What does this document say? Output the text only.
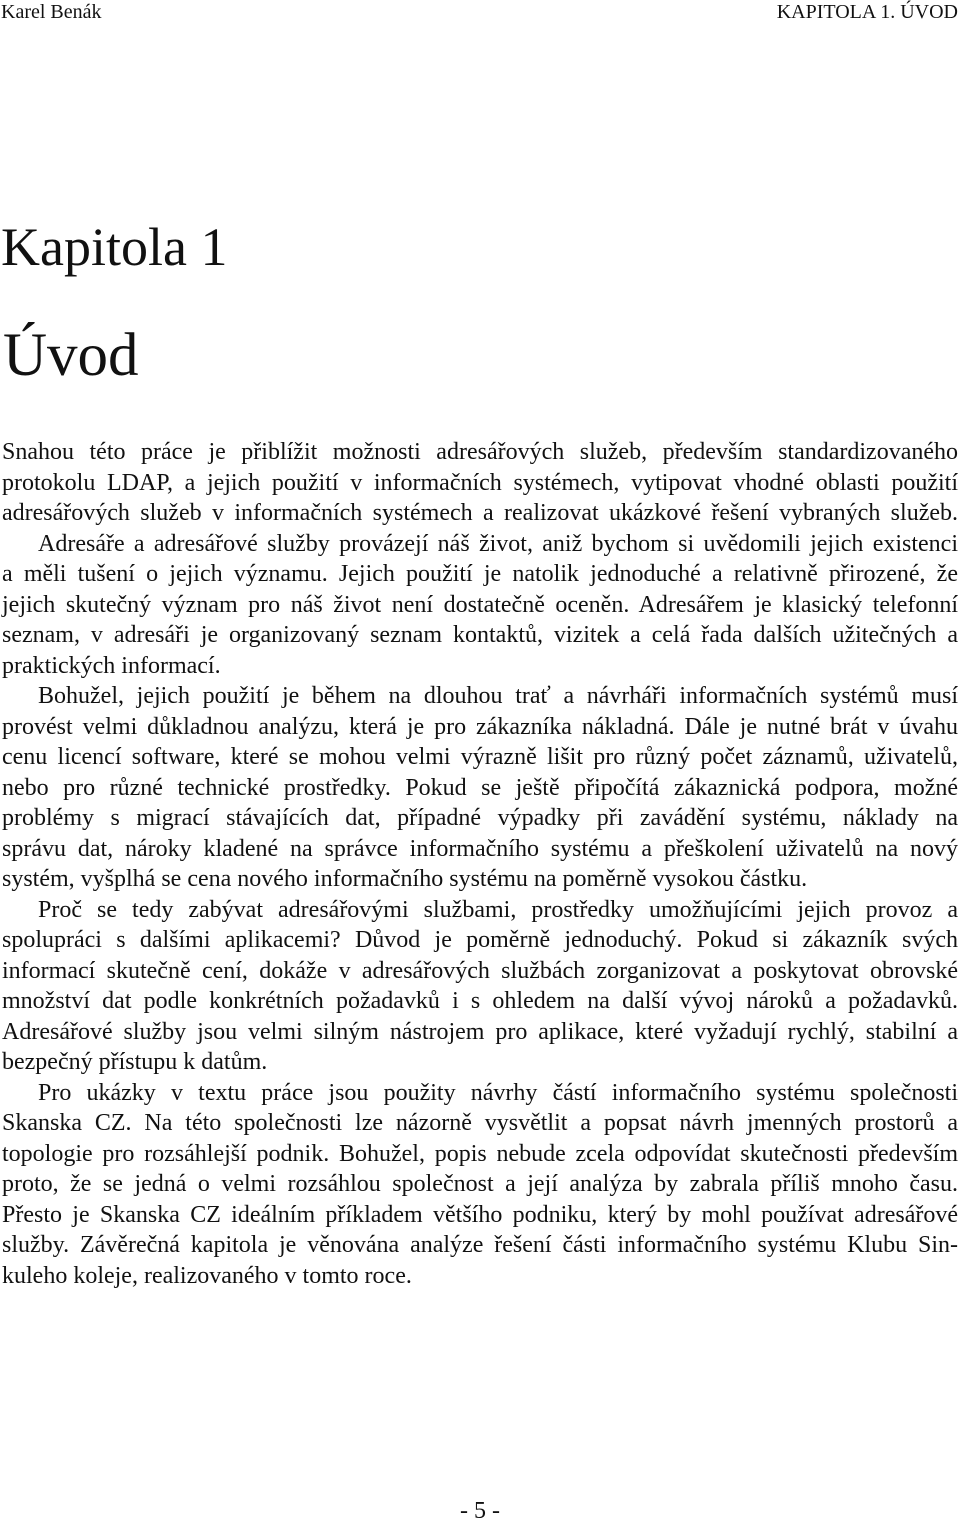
Karel Benák	KAPITOLA 1. ÚVOD
Kapitola 1
Úvod
Snahou této práce je přiblížit možnosti adresářových služeb, především standardizovaného
protokolu LDAP, a jejich použití v informačních systémech, vytipovat vhodné oblasti použití
adresářových služeb v informačních systémech a realizovat ukázkové řešení vybraných služeb.
Adresáře a adresářové služby provázejí náš život, aniž bychom si uvědomili jejich existenci
a měli tušení o jejich významu. Jejich použití je natolik jednoduché a relativně přirozené, že
jejich skutečný význam pro náš život není dostatečně oceněn. Adresářem je klasický telefonní
seznam, v adresáři je organizovaný seznam kontaktů, vizitek a celá řada dalších užitečných a
praktických informací.
Bohužel, jejich použití je během na dlouhou trať a návrháři informačních systémů musí
provést velmi důkladnou analýzu, která je pro zákazníka nákladná. Dále je nutné brát v úvahu
cenu licencí software, které se mohou velmi výrazně lišit pro různý počet záznamů, uživatelů,
nebo pro různé technické prostředky. Pokud se ještě připočítá zákaznická podpora, možné
problémy s migrací stávajících dat, případné výpadky při zavádění systému, náklady na
správu dat, nároky kladené na správce informačního systému a přeškolení uživatelů na nový
systém, vyšplhá se cena nového informačního systému na poměrně vysokou částku.
Proč se tedy zabývat adresářovými službami, prostředky umožňujícími jejich provoz a
spolupráci s dalšími aplikacemi? Důvod je poměrně jednoduchý. Pokud si zákazník svých
informací skutečně cení, dokáže v adresářových službách zorganizovat a poskytovat obrovské
množství dat podle konkrétních požadavků i s ohledem na další vývoj nároků a požadavků.
Adresářové služby jsou velmi silným nástrojem pro aplikace, které vyžadují rychlý, stabilní a
bezpečný přístupu k datům.
Pro ukázky v textu práce jsou použity návrhy částí informačního systému společnosti
Skanska CZ. Na této společnosti lze názorně vysvětlit a popsat návrh jmenných prostorů a
topologie pro rozsáhlejší podnik. Bohužel, popis nebude zcela odpovídat skutečnosti především
proto, že se jedná o velmi rozsáhlou společnost a její analýza by zabrala příliš mnoho času.
Přesto je Skanska CZ ideálním příkladem většího podniku, který by mohl používat adresářové
služby. Závěrečná kapitola je věnována analýze řešení části informačního systému Klubu Sin-
kuleho koleje, realizovaného v tomto roce.
- 5 -
